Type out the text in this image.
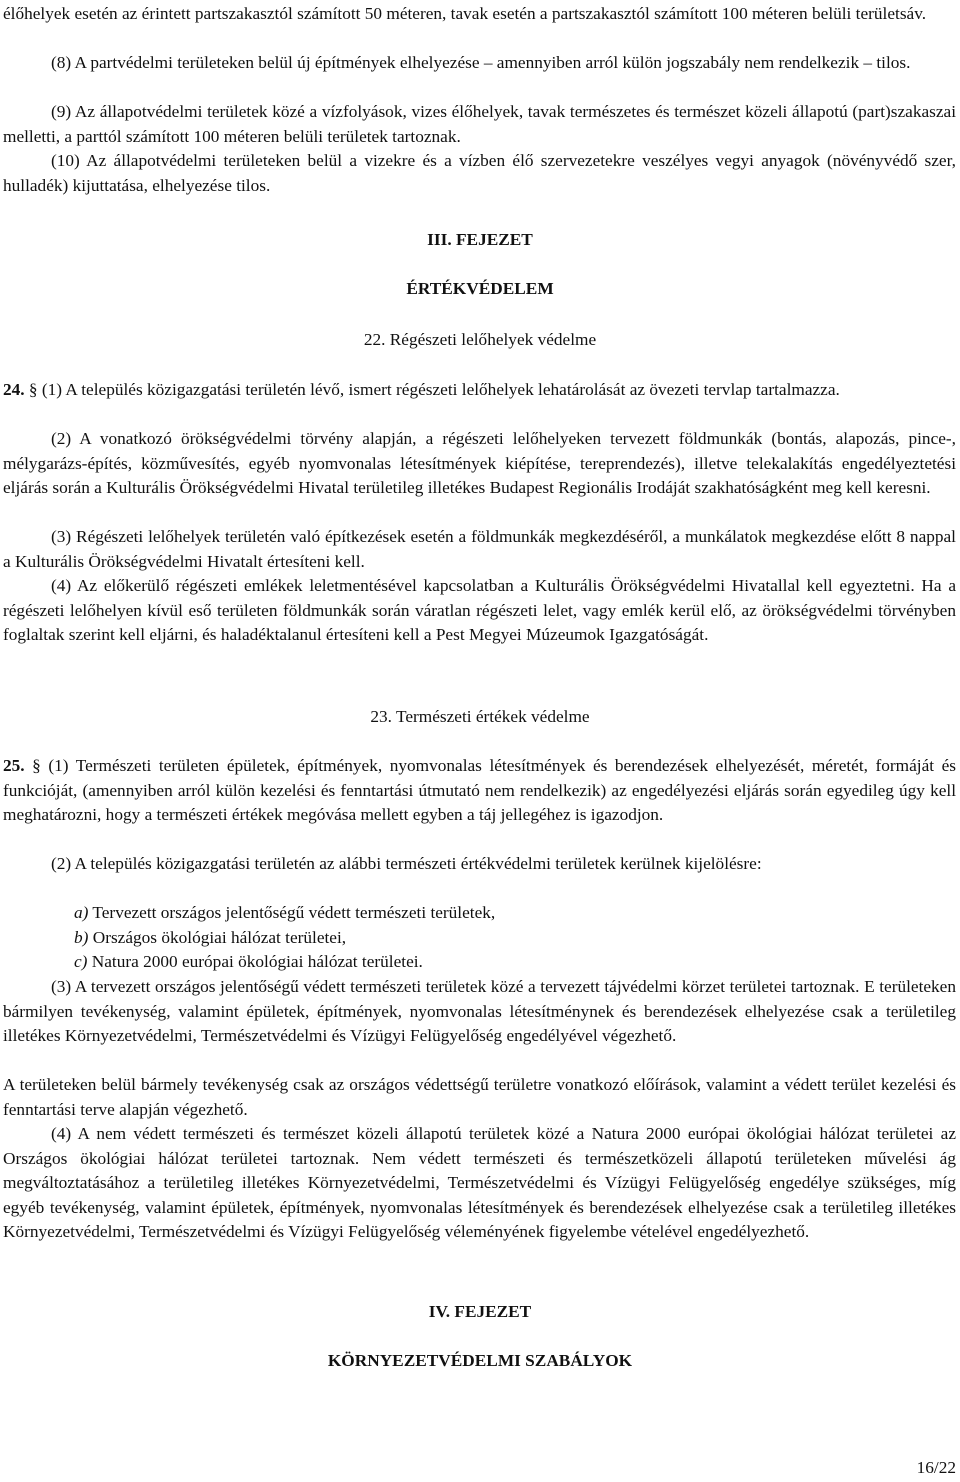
élőhelyek esetén az érintett partszakasztól számított 50 méteren, tavak esetén a partszakasztól számított 100 méteren belüli területsáv.

(8) A partvédelmi területeken belül új építmények elhelyezése – amennyiben arról külön jogszabály nem rendelkezik – tilos.

(9) Az állapotvédelmi területek közé a vízfolyások, vizes élőhelyek, tavak természetes és természet közeli állapotú (part)szakaszai melletti, a parttól számított 100 méteren belüli területek tartoznak.

(10) Az állapotvédelmi területeken belül a vizekre és a vízben élő szervezetekre veszélyes vegyi anyagok (növényvédő szer, hulladék) kijuttatása, elhelyezése tilos.

III. FEJEZET

ÉRTÉKVÉDELEM

22. Régészeti lelőhelyek védelme

24. § (1) A település közigazgatási területén lévő, ismert régészeti lelőhelyek lehatárolását az övezeti tervlap tartalmazza.

(2) A vonatkozó örökségvédelmi törvény alapján, a régészeti lelőhelyeken tervezett földmunkák (bontás, alapozás, pince-, mélygarázs-építés, közművesítés, egyéb nyomvonalas létesítmények kiépítése, tereprendezés), illetve telekalakítás engedélyeztetési eljárás során a Kulturális Örökségvédelmi Hivatal területileg illetékes Budapest Regionális Irodáját szakhatóságként meg kell keresni.

(3) Régészeti lelőhelyek területén való építkezések esetén a földmunkák megkezdéséről, a munkálatok megkezdése előtt 8 nappal a Kulturális Örökségvédelmi Hivatalt értesíteni kell.

(4) Az előkerülő régészeti emlékek leletmentésével kapcsolatban a Kulturális Örökségvédelmi Hivatallal kell egyeztetni. Ha a régészeti lelőhelyen kívül eső területen földmunkák során váratlan régészeti lelet, vagy emlék kerül elő, az örökségvédelmi törvényben foglaltak szerint kell eljárni, és haladéktalanul értesíteni kell a Pest Megyei Múzeumok Igazgatóságát.

23. Természeti értékek védelme

25. § (1) Természeti területen épületek, építmények, nyomvonalas létesítmények és berendezések elhelyezését, méretét, formáját és funkcióját, (amennyiben arról külön kezelési és fenntartási útmutató nem rendelkezik) az engedélyezési eljárás során egyedileg úgy kell meghatározni, hogy a természeti értékek megóvása mellett egyben a táj jellegéhez is igazodjon.

(2) A település közigazgatási területén az alábbi természeti értékvédelmi területek kerülnek kijelölésre:

a) Tervezett országos jelentőségű védett természeti területek,

b) Országos ökológiai hálózat területei,

c) Natura 2000 európai ökológiai hálózat területei.

(3) A tervezett országos jelentőségű védett természeti területek közé a tervezett tájvédelmi körzet területei tartoznak. E területeken bármilyen tevékenység, valamint épületek, építmények, nyomvonalas létesítménynek és berendezések elhelyezése csak a területileg illetékes Környezetvédelmi, Természetvédelmi és Vízügyi Felügyelőség engedélyével végezhető.

A területeken belül bármely tevékenység csak az országos védettségű területre vonatkozó előírások, valamint a védett terület kezelési és fenntartási terve alapján végezhető.

(4) A nem védett természeti és természet közeli állapotú területek közé a Natura 2000 európai ökológiai hálózat területei az Országos ökológiai hálózat területei tartoznak. Nem védett természeti és természetközeli állapotú területeken művelési ág megváltoztatásához a területileg illetékes Környezetvédelmi, Természetvédelmi és Vízügyi Felügyelőség engedélye szükséges, míg egyéb tevékenység, valamint épületek, építmények, nyomvonalas létesítmények és berendezések elhelyezése csak a területileg illetékes Környezetvédelmi, Természetvédelmi és Vízügyi Felügyelőség véleményének figyelembe vételével engedélyezhető.

IV. FEJEZET

KÖRNYEZETVÉDELMI SZABÁLYOK

16/22
